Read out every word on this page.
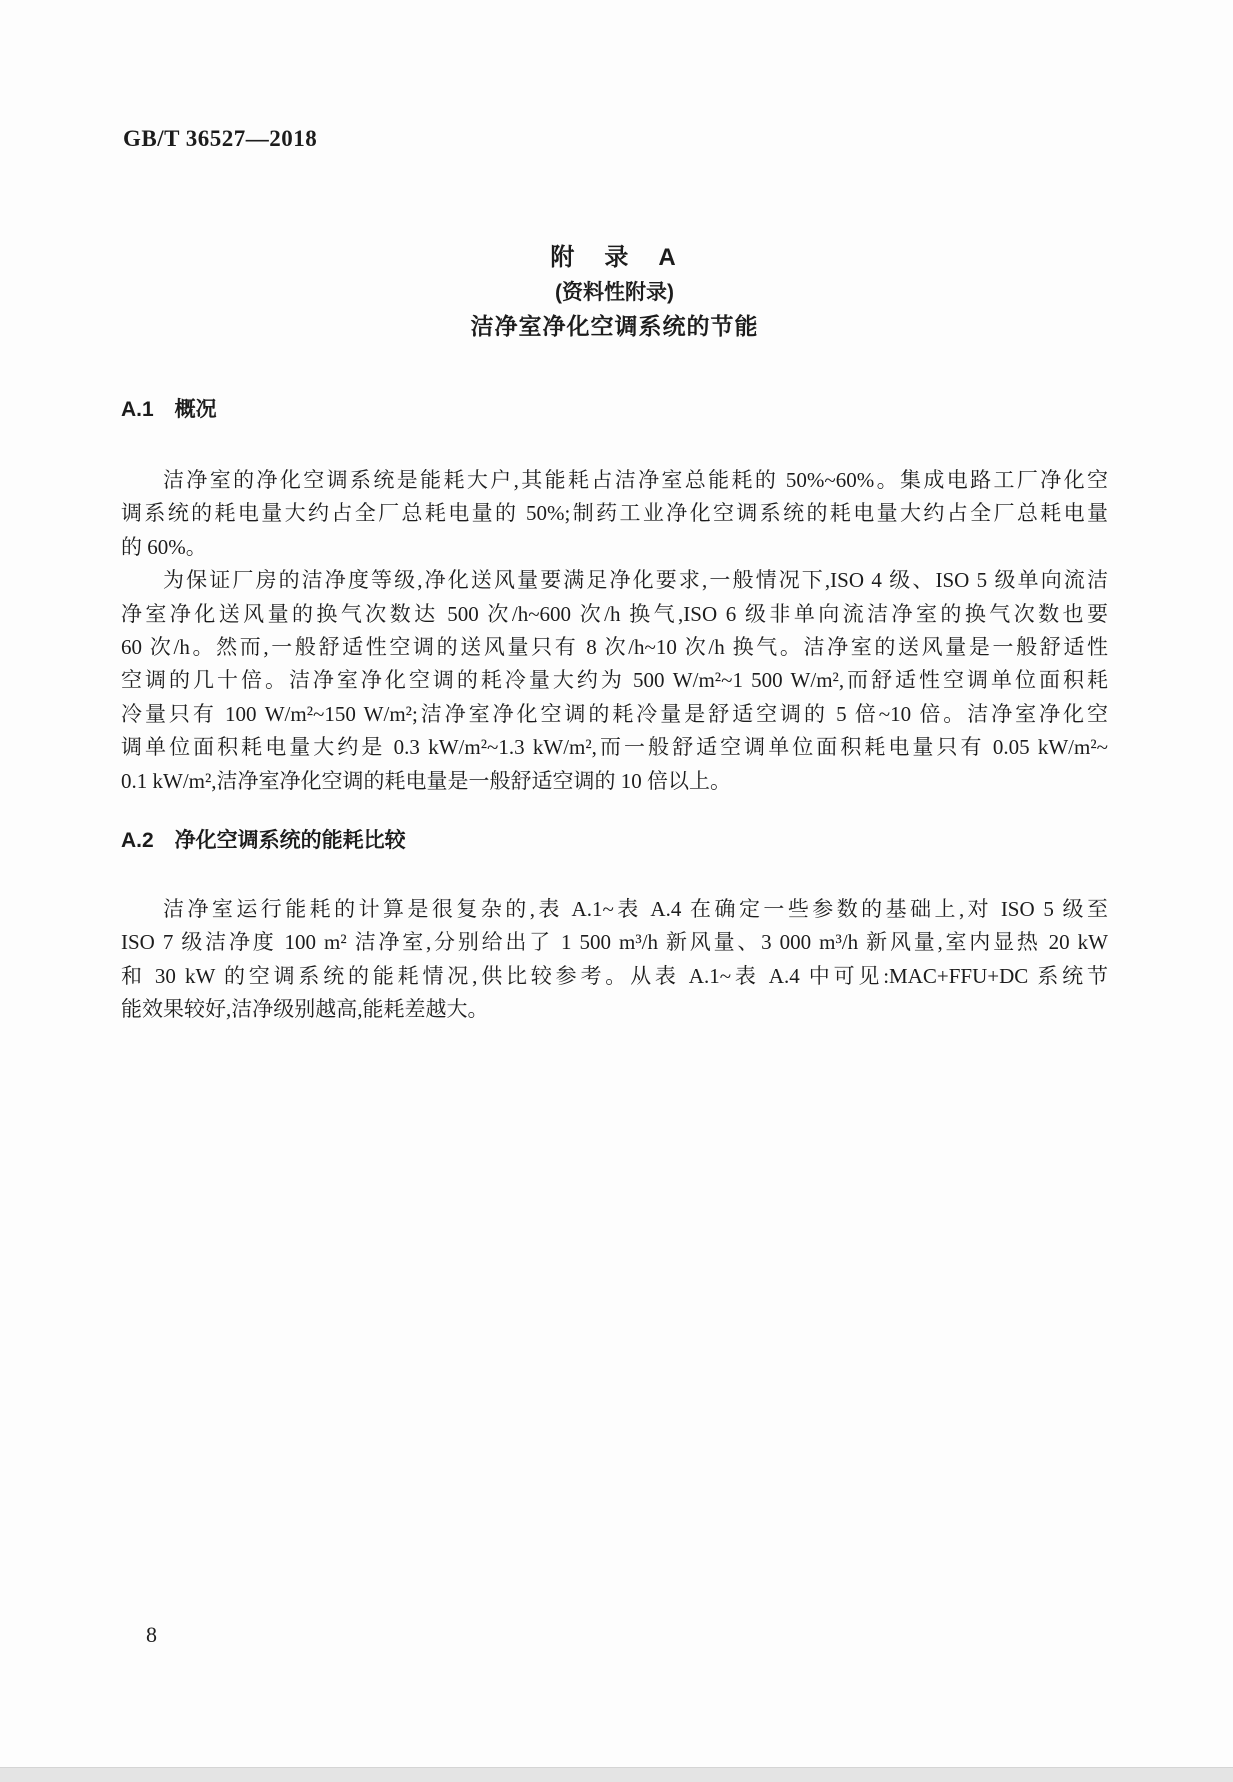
GB/T 36527—2018
附　录　A
(资料性附录)
洁净室净化空调系统的节能
A.1　概况
洁净室的净化空调系统是能耗大户,其能耗占洁净室总能耗的 50%~60%。集成电路工厂净化空
调系统的耗电量大约占全厂总耗电量的 50%;制药工业净化空调系统的耗电量大约占全厂总耗电量
的 60%。
为保证厂房的洁净度等级,净化送风量要满足净化要求,一般情况下,ISO 4 级、ISO 5 级单向流洁
净室净化送风量的换气次数达 500 次/h~600 次/h 换气,ISO 6 级非单向流洁净室的换气次数也要
60 次/h。然而,一般舒适性空调的送风量只有 8 次/h~10 次/h 换气。洁净室的送风量是一般舒适性
空调的几十倍。洁净室净化空调的耗冷量大约为 500 W/m²~1 500 W/m²,而舒适性空调单位面积耗
冷量只有 100 W/m²~150 W/m²;洁净室净化空调的耗冷量是舒适空调的 5 倍~10 倍。洁净室净化空
调单位面积耗电量大约是 0.3 kW/m²~1.3 kW/m²,而一般舒适空调单位面积耗电量只有 0.05 kW/m²~
0.1 kW/m²,洁净室净化空调的耗电量是一般舒适空调的 10 倍以上。
A.2　净化空调系统的能耗比较
洁净室运行能耗的计算是很复杂的,表 A.1~表 A.4 在确定一些参数的基础上,对 ISO 5 级至
ISO 7 级洁净度 100 m² 洁净室,分别给出了 1 500 m³/h 新风量、3 000 m³/h 新风量,室内显热 20 kW
和 30 kW 的空调系统的能耗情况,供比较参考。从表 A.1~表 A.4 中可见:MAC+FFU+DC 系统节
能效果较好,洁净级别越高,能耗差越大。
8
